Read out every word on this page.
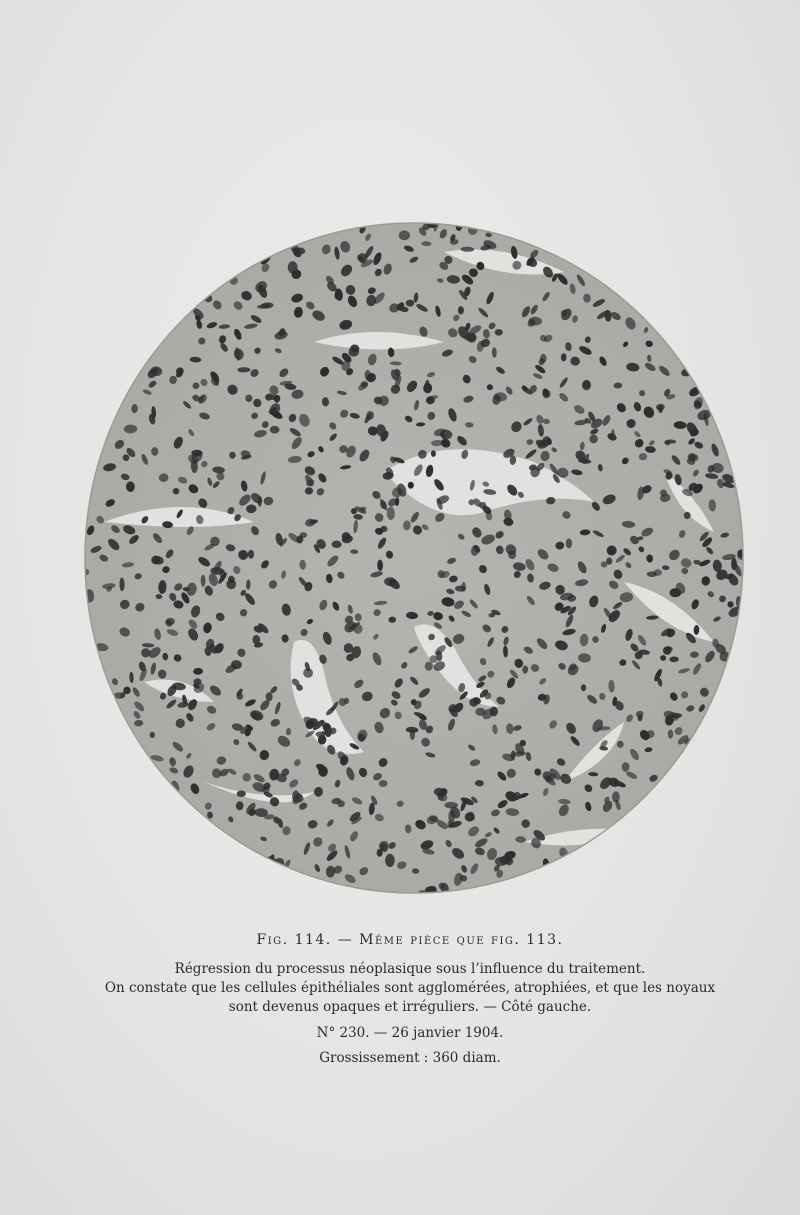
Fig. 114. — Même pièce que fig. 113.
Régression du processus néoplasique sous l’influence du traitement.
On constate que les cellules épithéliales sont agglomérées, atrophiées, et que les noyaux
sont devenus opaques et irréguliers. — Côté gauche.
N° 230. — 26 janvier 1904.
Grossissement : 360 diam.
